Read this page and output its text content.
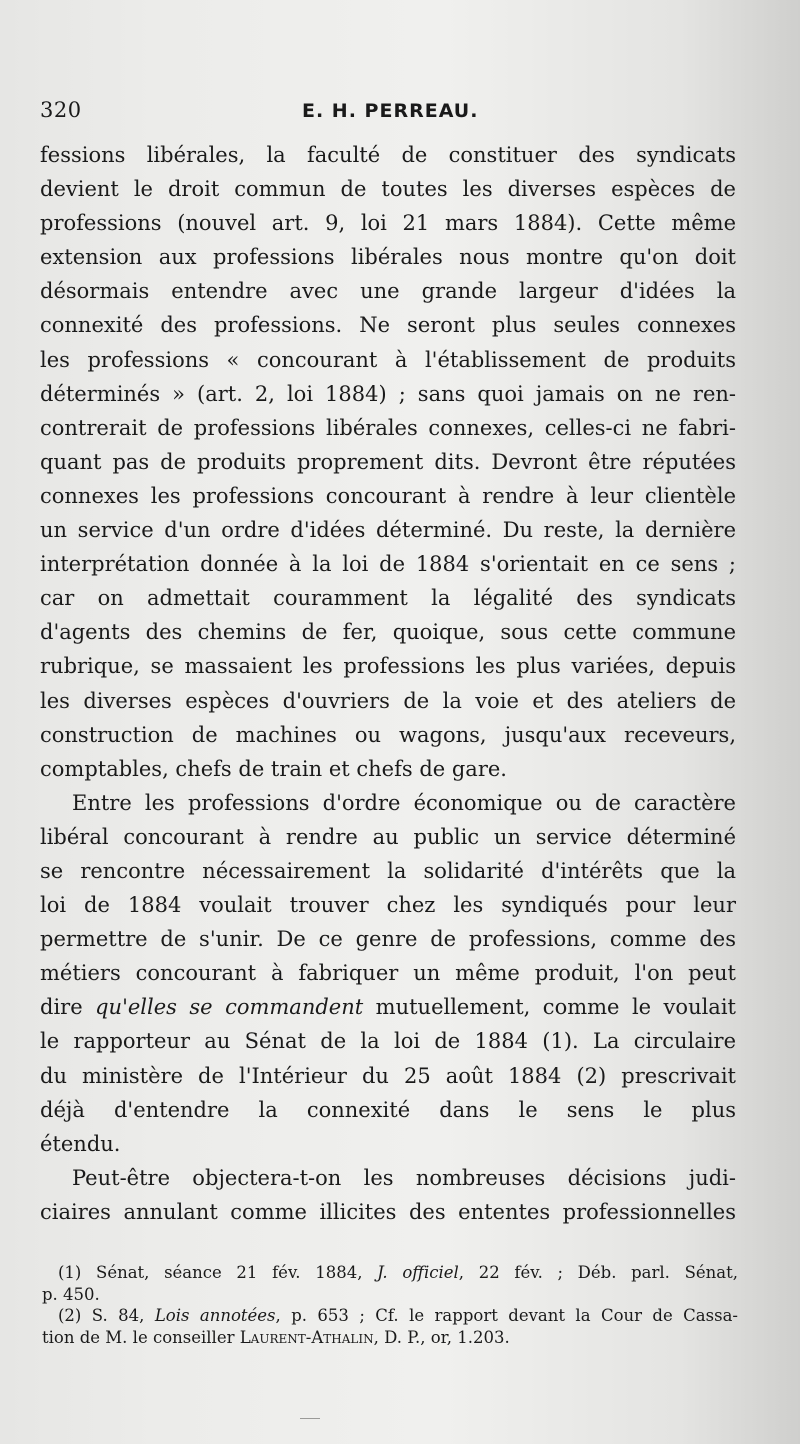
320	E. H. PERREAU.
fessions libérales, la faculté de constituer des syndicats
devient le droit commun de toutes les diverses espèces de
professions (nouvel art. 9, loi 21 mars 1884). Cette même
extension aux professions libérales nous montre qu'on doit
désormais entendre avec une grande largeur d'idées la
connexité des professions. Ne seront plus seules connexes
les professions « concourant à l'établissement de produits
déterminés » (art. 2, loi 1884) ; sans quoi jamais on ne ren-
contrerait de professions libérales connexes, celles-ci ne fabri-
quant pas de produits proprement dits. Devront être réputées
connexes les professions concourant à rendre à leur clientèle
un service d'un ordre d'idées déterminé. Du reste, la dernière
interprétation donnée à la loi de 1884 s'orientait en ce sens ;
car on admettait couramment la légalité des syndicats
d'agents des chemins de fer, quoique, sous cette commune
rubrique, se massaient les professions les plus variées, depuis
les diverses espèces d'ouvriers de la voie et des ateliers de
construction de machines ou wagons, jusqu'aux receveurs,
comptables, chefs de train et chefs de gare.
Entre les professions d'ordre économique ou de caractère
libéral concourant à rendre au public un service déterminé
se rencontre nécessairement la solidarité d'intérêts que la
loi de 1884 voulait trouver chez les syndiqués pour leur
permettre de s'unir. De ce genre de professions, comme des
métiers concourant à fabriquer un même produit, l'on peut
dire qu'elles se commandent mutuellement, comme le voulait
le rapporteur au Sénat de la loi de 1884 (1). La circulaire
du ministère de l'Intérieur du 25 août 1884 (2) prescrivait
déjà d'entendre la connexité dans le sens le plus
étendu.
Peut-être objectera-t-on les nombreuses décisions judi-
ciaires annulant comme illicites des ententes professionnelles
(1) Sénat, séance 21 fév. 1884, J. officiel, 22 fév. ; Déb. parl. Sénat,
p. 450.
(2) S. 84, Lois annotées, p. 653 ; Cf. le rapport devant la Cour de Cassa-
tion de M. le conseiller Laurent-Athalin, D. P., or, 1.203.
